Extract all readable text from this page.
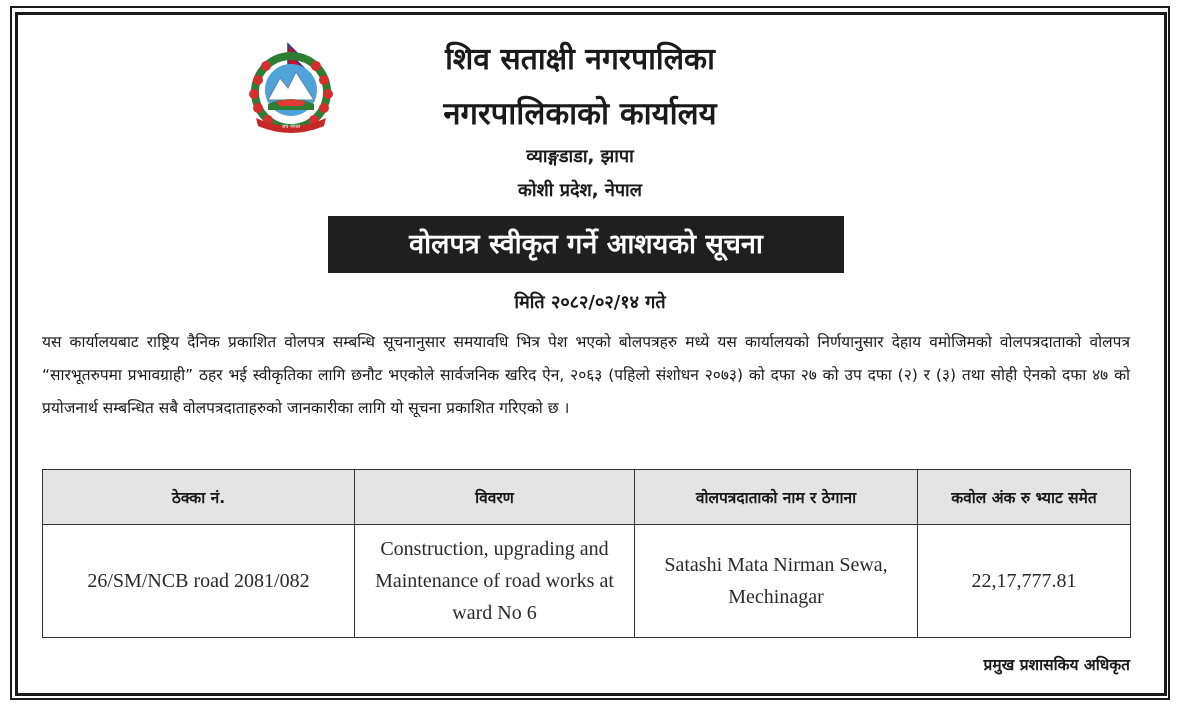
जय नेपाल
शिव सताक्षी नगरपालिका
नगरपालिकाको कार्यालय
व्याङ्गडाडा, झापा
कोशी प्रदेश, नेपाल
वोलपत्र स्वीकृत गर्ने आशयको सूचना
मिति २०८२/०२/१४ गते
यस कार्यालयबाट राष्ट्रिय दैनिक प्रकाशित वोलपत्र सम्बन्धि सूचनानुसार समयावधि भित्र पेश भएको बोलपत्रहरु मध्ये यस कार्यालयको निर्णयानुसार देहाय वमोजिमको वोलपत्रदाताको वोलपत्र “सारभूतरुपमा प्रभावग्राही” ठहर भई स्वीकृतिका लागि छनौट भएकोले सार्वजनिक खरिद ऐन, २०६३ (पहिलो संशोधन २०७३) को दफा २७ को उप दफा (२) र (३) तथा सोही ऐनको दफा ४७ को प्रयोजनार्थ सम्बन्धित सबै वोलपत्रदाताहरुको जानकारीका लागि यो सूचना प्रकाशित गरिएको छ ।
ठेक्का नं.	विवरण	वोलपत्रदाताको नाम र ठेगाना	कवोल अंक रु भ्याट समेत
26/SM/NCB road 2081/082	Construction, upgrading and Maintenance of road works at ward No 6	Satashi Mata Nirman Sewa, Mechinagar	22,17,777.81
प्रमुख प्रशासकिय अधिकृत
